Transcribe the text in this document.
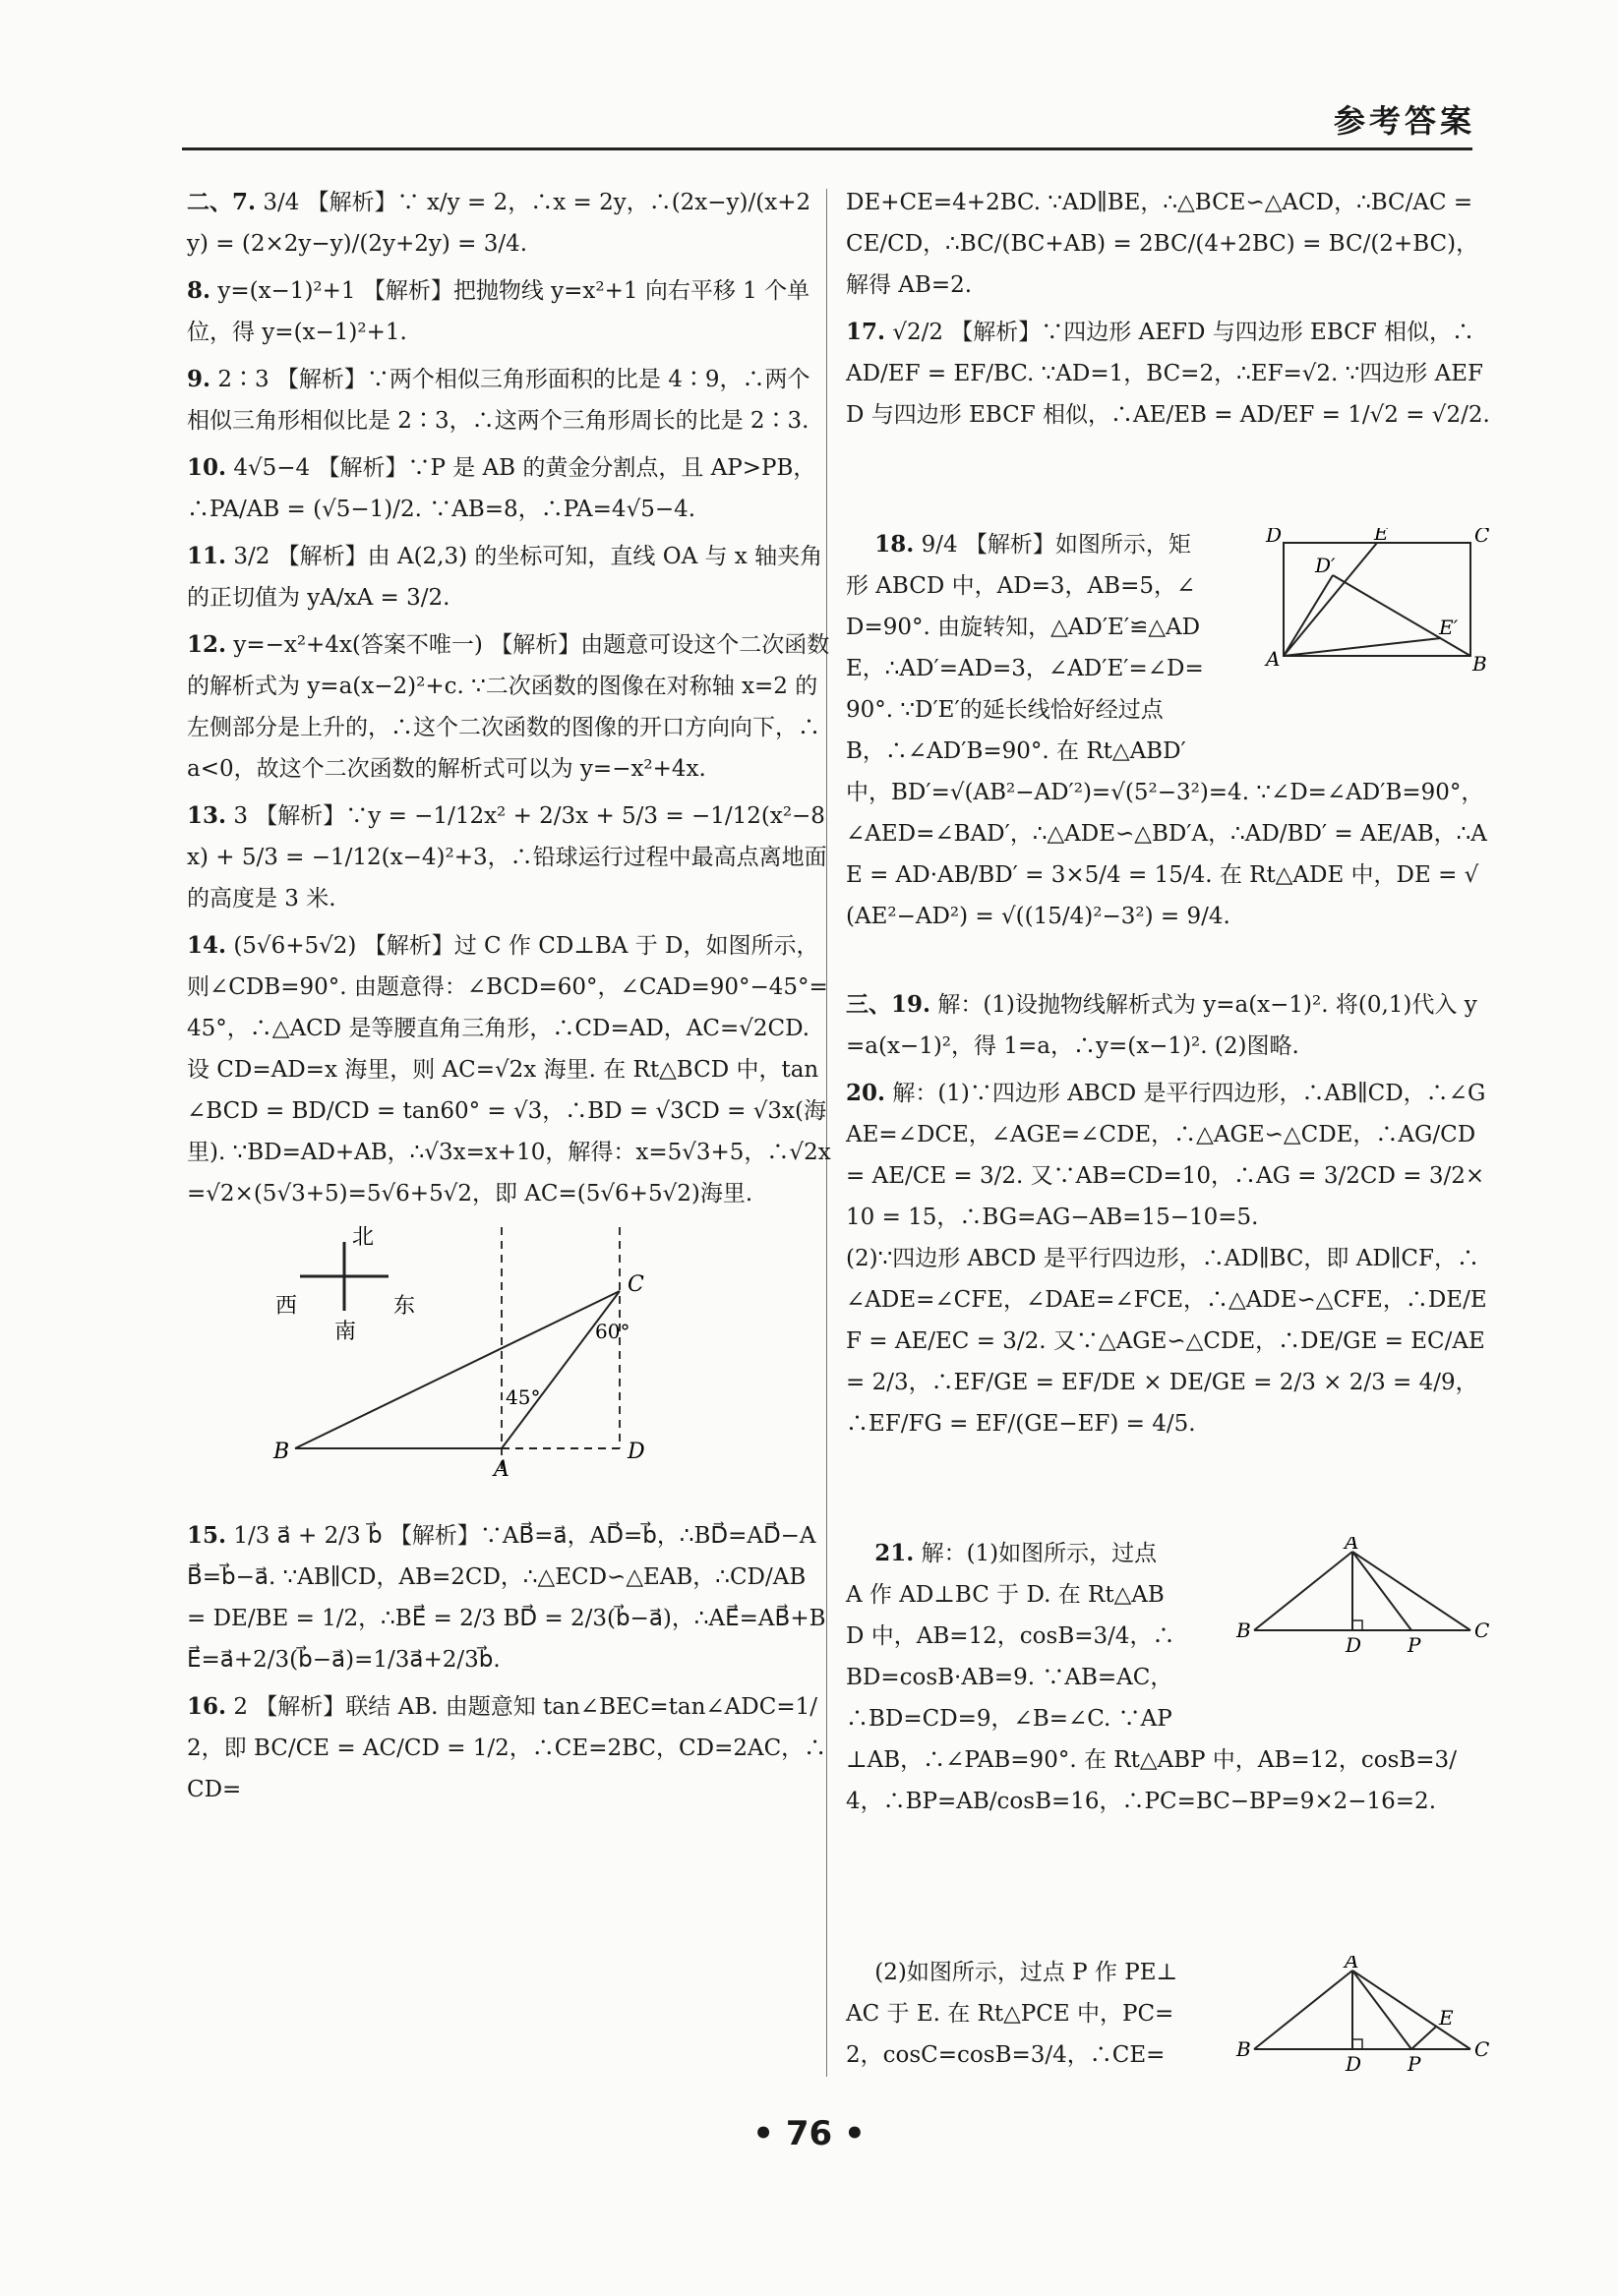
参考答案
二、7. 3/4 【解析】∵ x/y = 2，∴x = 2y，∴(2x−y)/(x+2y) = (2×2y−y)/(2y+2y) = 3/4.
8. y=(x−1)²+1 【解析】把抛物线 y=x²+1 向右平移 1 个单位，得 y=(x−1)²+1.
9. 2∶3 【解析】∵两个相似三角形面积的比是 4∶9，∴两个相似三角形相似比是 2∶3，∴这两个三角形周长的比是 2∶3.
10. 4√5−4 【解析】∵P 是 AB 的黄金分割点，且 AP>PB，∴PA/AB = (√5−1)/2. ∵AB=8，∴PA=4√5−4.
11. 3/2 【解析】由 A(2,3) 的坐标可知，直线 OA 与 x 轴夹角的正切值为 yA/xA = 3/2.
12. y=−x²+4x(答案不唯一) 【解析】由题意可设这个二次函数的解析式为 y=a(x−2)²+c. ∵二次函数的图像在对称轴 x=2 的左侧部分是上升的，∴这个二次函数的图像的开口方向向下，∴a<0，故这个二次函数的解析式可以为 y=−x²+4x.
13. 3 【解析】∵y = −1/12x² + 2/3x + 5/3 = −1/12(x²−8x) + 5/3 = −1/12(x−4)²+3，∴铅球运行过程中最高点离地面的高度是 3 米.
14. (5√6+5√2) 【解析】过 C 作 CD⊥BA 于 D，如图所示，则∠CDB=90°. 由题意得：∠BCD=60°，∠CAD=90°−45°=45°，∴△ACD 是等腰直角三角形，∴CD=AD，AC=√2CD. 设 CD=AD=x 海里，则 AC=√2x 海里. 在 Rt△BCD 中，tan∠BCD = BD/CD = tan60° = √3，∴BD = √3CD = √3x(海里). ∵BD=AD+AB，∴√3x=x+10，解得：x=5√3+5，∴√2x=√2×(5√3+5)=5√6+5√2，即 AC=(5√6+5√2)海里.
北
西	东
南
B
A
C
D
45°
60°
15. 1/3 a⃗ + 2/3 b⃗ 【解析】∵AB⃗=a⃗，AD⃗=b⃗，∴BD⃗=AD⃗−AB⃗=b⃗−a⃗. ∵AB∥CD，AB=2CD，∴△ECD∽△EAB，∴CD/AB = DE/BE = 1/2，∴BE⃗ = 2/3 BD⃗ = 2/3(b⃗−a⃗)，∴AE⃗=AB⃗+BE⃗=a⃗+2/3(b⃗−a⃗)=1/3a⃗+2/3b⃗.
16. 2 【解析】联结 AB. 由题意知 tan∠BEC=tan∠ADC=1/2，即 BC/CE = AC/CD = 1/2，∴CE=2BC，CD=2AC，∴CD=
DE+CE=4+2BC. ∵AD∥BE，∴△BCE∽△ACD，∴BC/AC = CE/CD，∴BC/(BC+AB) = 2BC/(4+2BC) = BC/(2+BC)，解得 AB=2.
17. √2/2 【解析】∵四边形 AEFD 与四边形 EBCF 相似，∴AD/EF = EF/BC. ∵AD=1，BC=2，∴EF=√2. ∵四边形 AEFD 与四边形 EBCF 相似，∴AE/EB = AD/EF = 1/√2 = √2/2.

D	E	C
D′
E′
A	B

18. 9/4 【解析】如图所示，矩形 ABCD 中，AD=3，AB=5，∠D=90°. 由旋转知，△AD′E′≌△ADE，∴AD′=AD=3，∠AD′E′=∠D=90°. ∵D′E′的延长线恰好经过点 B，∴∠AD′B=90°. 在 Rt△ABD′中，BD′=√(AB²−AD′²)=√(5²−3²)=4. ∵∠D=∠AD′B=90°，∠AED=∠BAD′，∴△ADE∽△BD′A，∴AD/BD′ = AE/AB，∴AE = AD·AB/BD′ = 3×5/4 = 15/4. 在 Rt△ADE 中，DE = √(AE²−AD²) = √((15/4)²−3²) = 9/4.

三、19. 解：(1)设抛物线解析式为 y=a(x−1)². 将(0,1)代入 y=a(x−1)²，得 1=a，∴y=(x−1)². (2)图略.
20. 解：(1)∵四边形 ABCD 是平行四边形，∴AB∥CD，∴∠GAE=∠DCE，∠AGE=∠CDE，∴△AGE∽△CDE，∴AG/CD = AE/CE = 3/2. 又∵AB=CD=10，∴AG = 3/2CD = 3/2×10 = 15，∴BG=AG−AB=15−10=5.
(2)∵四边形 ABCD 是平行四边形，∴AD∥BC，即 AD∥CF，∴∠ADE=∠CFE，∠DAE=∠FCE，∴△ADE∽△CFE，∴DE/EF = AE/EC = 3/2. 又∵△AGE∽△CDE，∴DE/GE = EC/AE = 2/3，∴EF/GE = EF/DE × DE/GE = 2/3 × 2/3 = 4/9，∴EF/FG = EF/(GE−EF) = 4/5.

A
B	C
D P

21. 解：(1)如图所示，过点 A 作 AD⊥BC 于 D. 在 Rt△ABD 中，AB=12，cosB=3/4，∴BD=cosB·AB=9. ∵AB=AC，∴BD=CD=9，∠B=∠C. ∵AP⊥AB，∴∠PAB=90°. 在 Rt△ABP 中，AB=12，cosB=3/4，∴BP=AB/cosB=16，∴PC=BC−BP=9×2−16=2.

A
B	C
D P
E

(2)如图所示，过点 P 作 PE⊥AC 于 E. 在 Rt△PCE 中，PC=2，cosC=cosB=3/4，∴CE=

• 76 •
